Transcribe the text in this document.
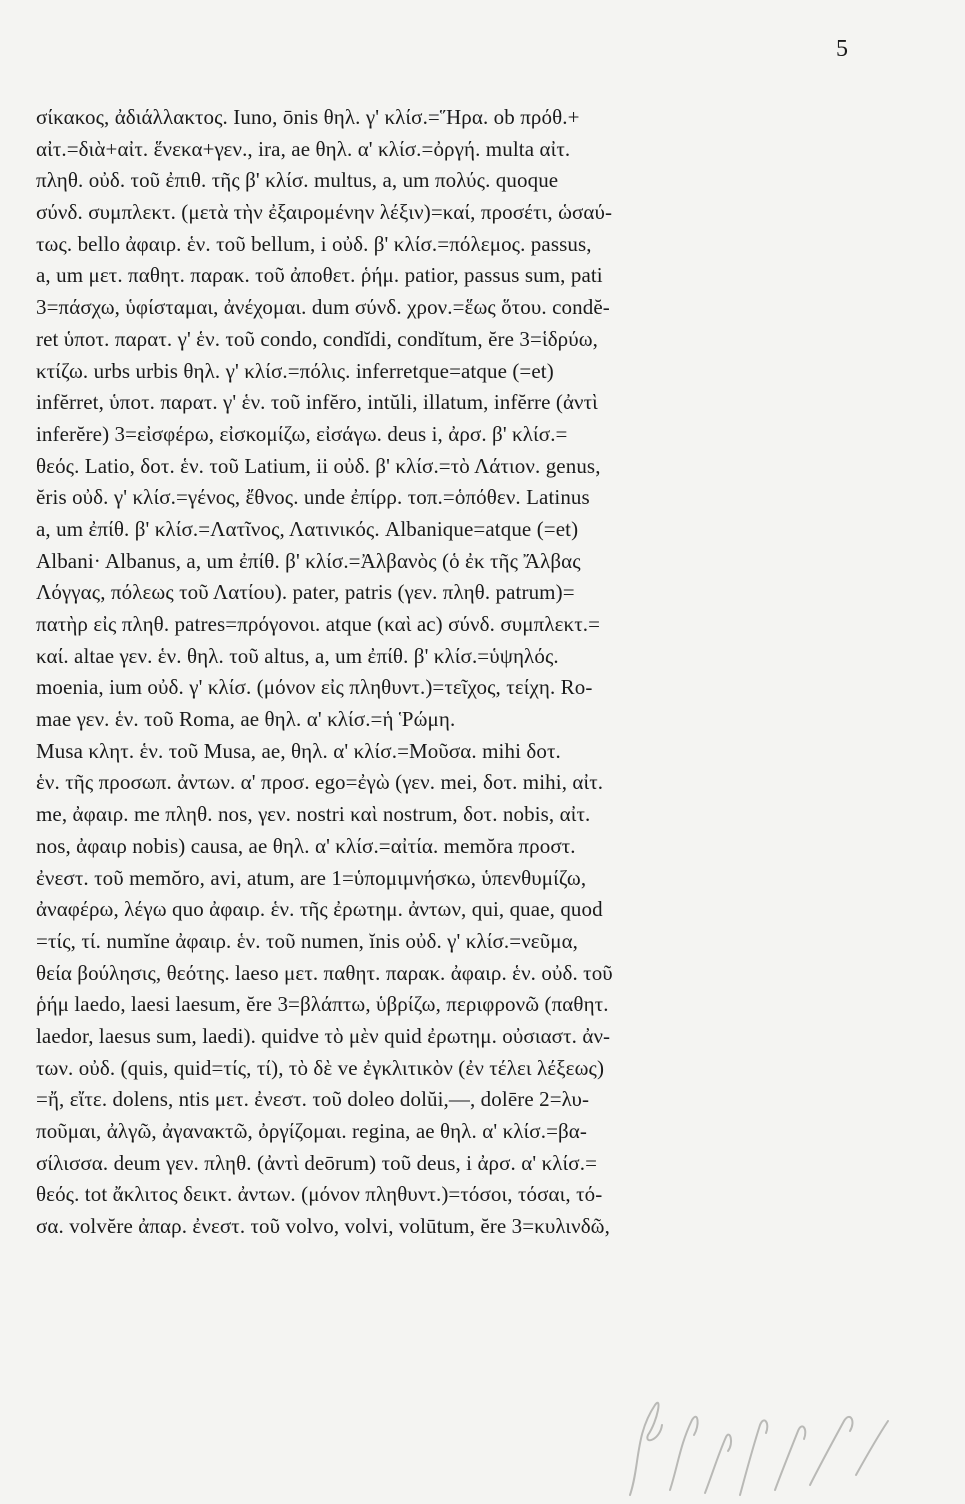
5
σίκακος, ἀδιάλλακτος. Iuno, ōnis θηλ. γ' κλίσ.=Ἥρα. ob πρόθ.+
αἰτ.=διὰ+αἰτ. ἕνεκα+γεν., ira, ae θηλ. α' κλίσ.=ὀργή. multa αἰτ.
πληθ. οὐδ. τοῦ ἐπιθ. τῆς β' κλίσ. multus, a, um πολύς. quoque
σύνδ. συμπλεκτ. (μετὰ τὴν ἐξαιρομένην λέξιν)=καί, προσέτι, ὡσαύ-
τως. bello ἀφαιρ. ἑν. τοῦ bellum, i οὐδ. β' κλίσ.=πόλεμος. passus,
a, um μετ. παθητ. παρακ. τοῦ ἀποθετ. ῥήμ. patior, passus sum, pati
3=πάσχω, ὑφίσταμαι, ἀνέχομαι. dum σύνδ. χρον.=ἕως ὅτου. condĕ-
ret ὑποτ. παρατ. γ' ἑν. τοῦ condo, condĭdi, condĭtum, ĕre 3=ἱδρύω,
κτίζω. urbs urbis θηλ. γ' κλίσ.=πόλις. inferretque=atque (=et)
infĕrret, ὑποτ. παρατ. γ' ἑν. τοῦ infĕro, intŭli, illatum, infĕrre (ἀντὶ
inferĕre) 3=εἰσφέρω, εἰσκομίζω, εἰσάγω. deus i, ἀρσ. β' κλίσ.=
θεός. Latio, δοτ. ἑν. τοῦ Latium, ii οὐδ. β' κλίσ.=τὸ Λάτιον. genus,
ĕris οὐδ. γ' κλίσ.=γένος, ἔθνος. unde ἐπίρρ. τοπ.=ὁπόθεν. Latinus
a, um ἐπίθ. β' κλίσ.=Λατῖνος, Λατινικός. Albanique=atque (=et)
Albani· Albanus, a, um ἐπίθ. β' κλίσ.=Ἀλβανὸς (ὁ ἐκ τῆς Ἄλβας
Λόγγας, πόλεως τοῦ Λατίου). pater, patris (γεν. πληθ. patrum)=
πατὴρ εἰς πληθ. patres=πρόγονοι. atque (καὶ ac) σύνδ. συμπλεκτ.=
καί. altae γεν. ἑν. θηλ. τοῦ altus, a, um ἐπίθ. β' κλίσ.=ὑψηλός.
moenia, ium οὐδ. γ' κλίσ. (μόνον εἰς πληθυντ.)=τεῖχος, τείχη. Ro-
mae γεν. ἑν. τοῦ Roma, ae θηλ. α' κλίσ.=ἡ Ῥώμη.
Musa κλητ. ἑν. τοῦ Musa, ae, θηλ. α' κλίσ.=Μοῦσα. mihi δοτ.
ἑν. τῆς προσωπ. ἀντων. α' προσ. ego=ἐγὼ (γεν. mei, δοτ. mihi, αἰτ.
me, ἀφαιρ. me πληθ. nos, γεν. nostri καὶ nostrum, δοτ. nobis, αἰτ.
nos, ἀφαιρ nobis) causa, ae θηλ. α' κλίσ.=αἰτία. memŏra προστ.
ἐνεστ. τοῦ memŏro, avi, atum, are 1=ὑπομιμνήσκω, ὑπενθυμίζω,
ἀναφέρω, λέγω quo ἀφαιρ. ἑν. τῆς ἐρωτημ. ἀντων, qui, quae, quod
=τίς, τί. numĭne ἀφαιρ. ἑν. τοῦ numen, ĭnis οὐδ. γ' κλίσ.=νεῦμα,
θεία βούλησις, θεότης. laeso μετ. παθητ. παρακ. ἀφαιρ. ἑν. οὐδ. τοῦ
ῥήμ laedo, laesi laesum, ĕre 3=βλάπτω, ὑβρίζω, περιφρονῶ (παθητ.
laedor, laesus sum, laedi). quidve τὸ μὲν quid ἐρωτημ. οὐσιαστ. ἀν-
των. οὐδ. (quis, quid=τίς, τί), τὸ δὲ ve ἐγκλιτικὸν (ἐν τέλει λέξεως)
=ἤ, εἴτε. dolens, ntis μετ. ἐνεστ. τοῦ doleo dolŭi,—, dolēre 2=λυ-
ποῦμαι, ἀλγῶ, ἀγανακτῶ, ὀργίζομαι. regina, ae θηλ. α' κλίσ.=βα-
σίλισσα. deum γεν. πληθ. (ἀντὶ deōrum) τοῦ deus, i ἀρσ. α' κλίσ.=
θεός. tot ἄκλιτος δεικτ. ἀντων. (μόνον πληθυντ.)=τόσοι, τόσαι, τό-
σα. volvĕre ἀπαρ. ἐνεστ. τοῦ volvo, volvi, volūtum, ĕre 3=κυλινδῶ,
